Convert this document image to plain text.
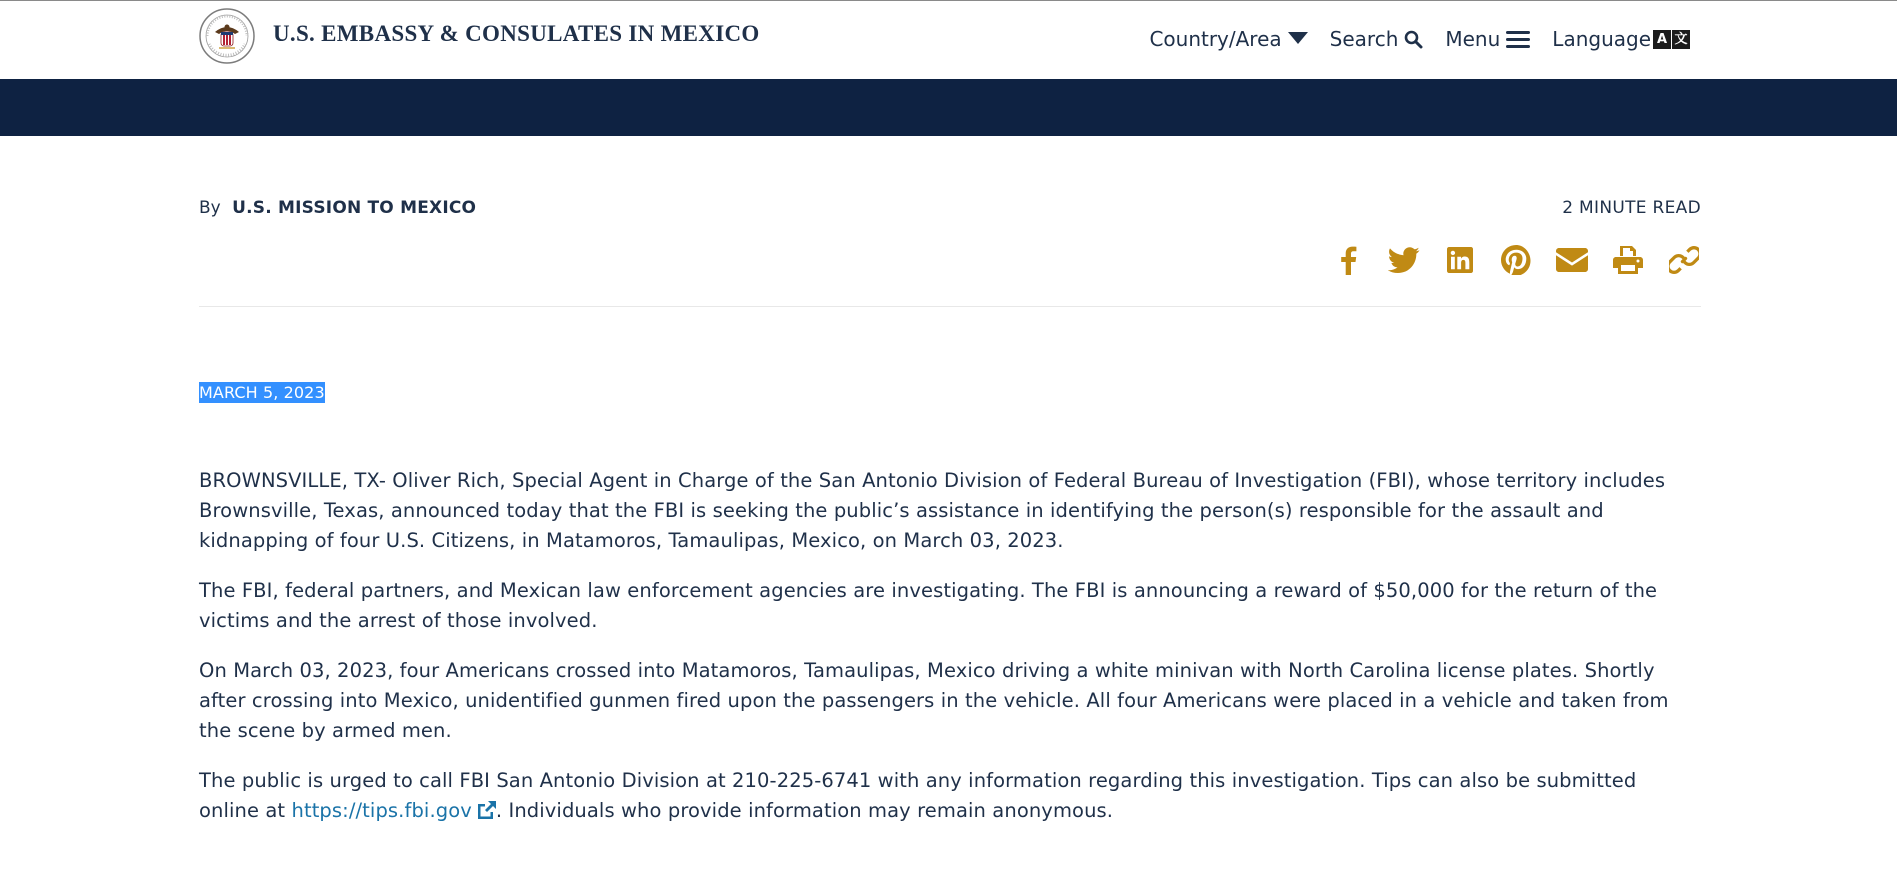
U.S. EMBASSY & CONSULATES IN MEXICO	Country/Area Search Menu	Language A 文
By U.S. MISSION TO MEXICO	2 MINUTE READ
MARCH 5, 2023

BROWNSVILLE, TX- Oliver Rich, Special Agent in Charge of the San Antonio Division of Federal Bureau of Investigation (FBI), whose territory includes Brownsville, Texas, announced today that the FBI is seeking the public’s assistance in identifying the person(s) responsible for the assault and kidnapping of four U.S. Citizens, in Matamoros, Tamaulipas, Mexico, on March 03, 2023.

The FBI, federal partners, and Mexican law enforcement agencies are investigating. The FBI is announcing a reward of $50,000 for the return of the victims and the arrest of those involved.

On March 03, 2023, four Americans crossed into Matamoros, Tamaulipas, Mexico driving a white minivan with North Carolina license plates. Shortly after crossing into Mexico, unidentified gunmen fired upon the passengers in the vehicle. All four Americans were placed in a vehicle and taken from the scene by armed men.

The public is urged to call FBI San Antonio Division at 210-225-6741 with any information regarding this investigation. Tips can also be submitted online at https://tips.fbi.gov . Individuals who provide information may remain anonymous.
